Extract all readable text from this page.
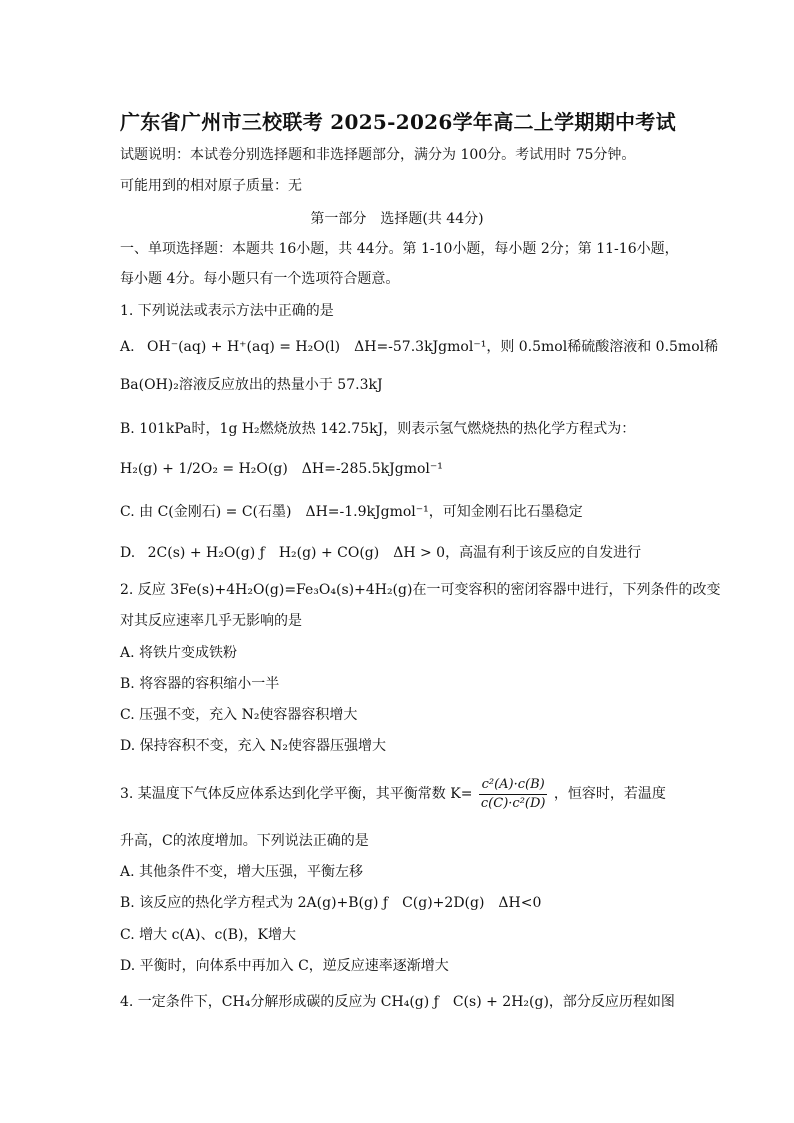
广东省广州市三校联考 2025-2026学年高二上学期期中考试
试题说明：本试卷分别选择题和非选择题部分，满分为 100分。考试用时 75分钟。
可能用到的相对原子质量：无
第一部分　选择题(共 44分)
一、单项选择题：本题共 16小题，共 44分。第 1-10小题，每小题 2分；第 11-16小题，
每小题 4分。每小题只有一个选项符合题意。
1. 下列说法或表示方法中正确的是
A. OH⁻(aq) + H⁺(aq) = H₂O(l)　ΔH=-57.3kJgmol⁻¹，则 0.5mol稀硫酸溶液和 0.5mol稀
Ba(OH)₂溶液反应放出的热量小于 57.3kJ
B. 101kPa时，1g H₂燃烧放热 142.75kJ，则表示氢气燃烧热的热化学方程式为：
H₂(g) + 1/2O₂ = H₂O(g)　ΔH=-285.5kJgmol⁻¹
C. 由 C(金刚石) = C(石墨)　ΔH=-1.9kJgmol⁻¹，可知金刚石比石墨稳定
D. 2C(s) + H₂O(g) ƒ　H₂(g) + CO(g)　ΔH > 0，高温有利于该反应的自发进行
2. 反应 3Fe(s)+4H₂O(g)=Fe₃O₄(s)+4H₂(g)在一可变容积的密闭容器中进行，下列条件的改变
对其反应速率几乎无影响的是
A. 将铁片变成铁粉
B. 将容器的容积缩小一半
C. 压强不变，充入 N₂使容器容积增大
D. 保持容积不变，充入 N₂使容器压强增大
3. 某温度下气体反应体系达到化学平衡，其平衡常数 $K= \frac{\text{c²(A)·c(B)}}{\text{c(C)·c²(D)}}$ ，恒容时，若温度
升高，C的浓度增加。下列说法正确的是
A. 其他条件不变，增大压强，平衡左移
B. 该反应的热化学方程式为 2A(g)+B(g) ƒ　C(g)+2D(g)　ΔH<0
C. 增大 c(A)、c(B)，K增大
D. 平衡时，向体系中再加入 C，逆反应速率逐渐增大
4. 一定条件下，CH₄分解形成碳的反应为 CH₄(g) ƒ　C(s) + 2H₂(g)，部分反应历程如图
